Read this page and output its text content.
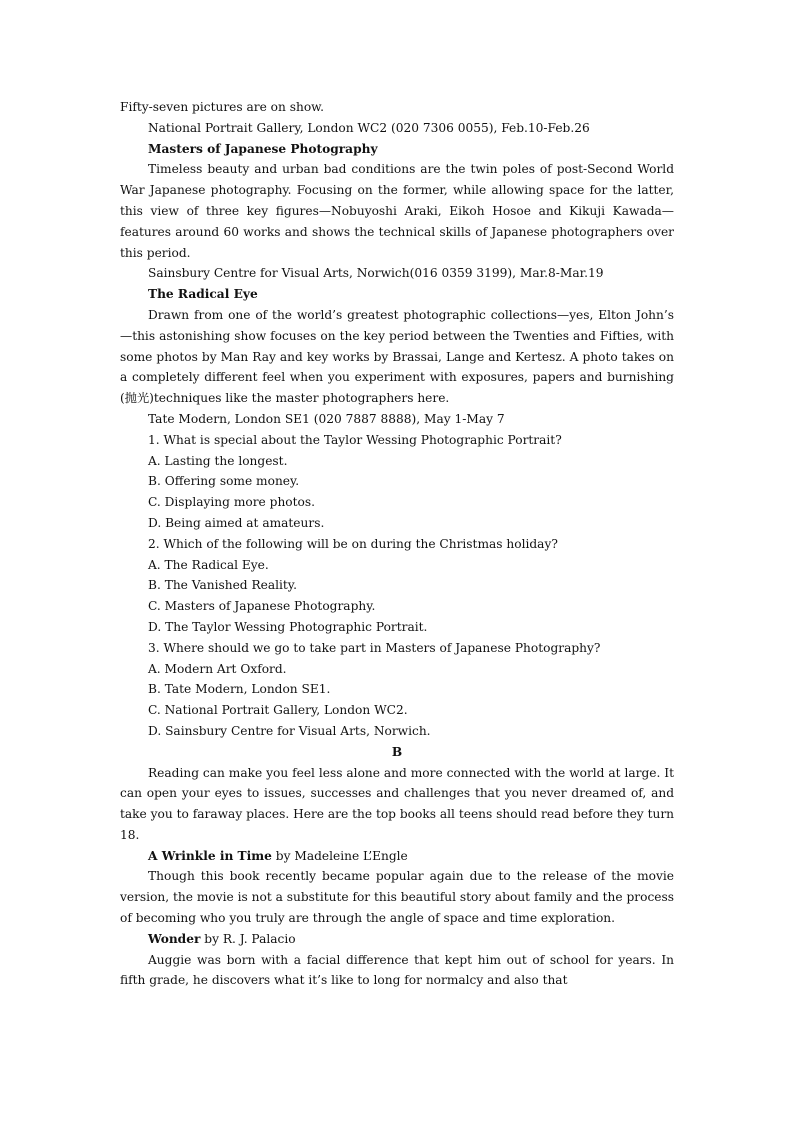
Fifty-seven pictures are on show.

National Portrait Gallery, London WC2 (020 7306 0055), Feb.10-Feb.26

Masters of Japanese Photography

Timeless beauty and urban bad conditions are the twin poles of post-Second World War Japanese photography. Focusing on the former, while allowing space for the latter, this view of three key figures—Nobuyoshi Araki, Eikoh Hosoe and Kikuji Kawada—features around 60 works and shows the technical skills of Japanese photographers over this period.

Sainsbury Centre for Visual Arts, Norwich(016 0359 3199), Mar.8-Mar.19

The Radical Eye

Drawn from one of the world’s greatest photographic collections—yes, Elton John’s—this astonishing show focuses on the key period between the Twenties and Fifties, with some photos by Man Ray and key works by Brassai, Lange and Kertesz. A photo takes on a completely different feel when you experiment with exposures, papers and burnishing (抛光)techniques like the master photographers here.

Tate Modern, London SE1 (020 7887 8888), May 1-May 7

1. What is special about the Taylor Wessing Photographic Portrait?

A. Lasting the longest.

B. Offering some money.

C. Displaying more photos.

D. Being aimed at amateurs.

2. Which of the following will be on during the Christmas holiday?

A. The Radical Eye.

B. The Vanished Reality.

C. Masters of Japanese Photography.

D. The Taylor Wessing Photographic Portrait.

3. Where should we go to take part in Masters of Japanese Photography?

A. Modern Art Oxford.

B. Tate Modern, London SE1.

C. National Portrait Gallery, London WC2.

D. Sainsbury Centre for Visual Arts, Norwich.

B

Reading can make you feel less alone and more connected with the world at large. It can open your eyes to issues, successes and challenges that you never dreamed of, and take you to faraway places. Here are the top books all teens should read before they turn 18.

A Wrinkle in Time by Madeleine L’Engle

Though this book recently became popular again due to the release of the movie version, the movie is not a substitute for this beautiful story about family and the process of becoming who you truly are through the angle of space and time exploration.

Wonder by R. J. Palacio

Auggie was born with a facial difference that kept him out of school for years. In fifth grade, he discovers what it’s like to long for normalcy and also that
